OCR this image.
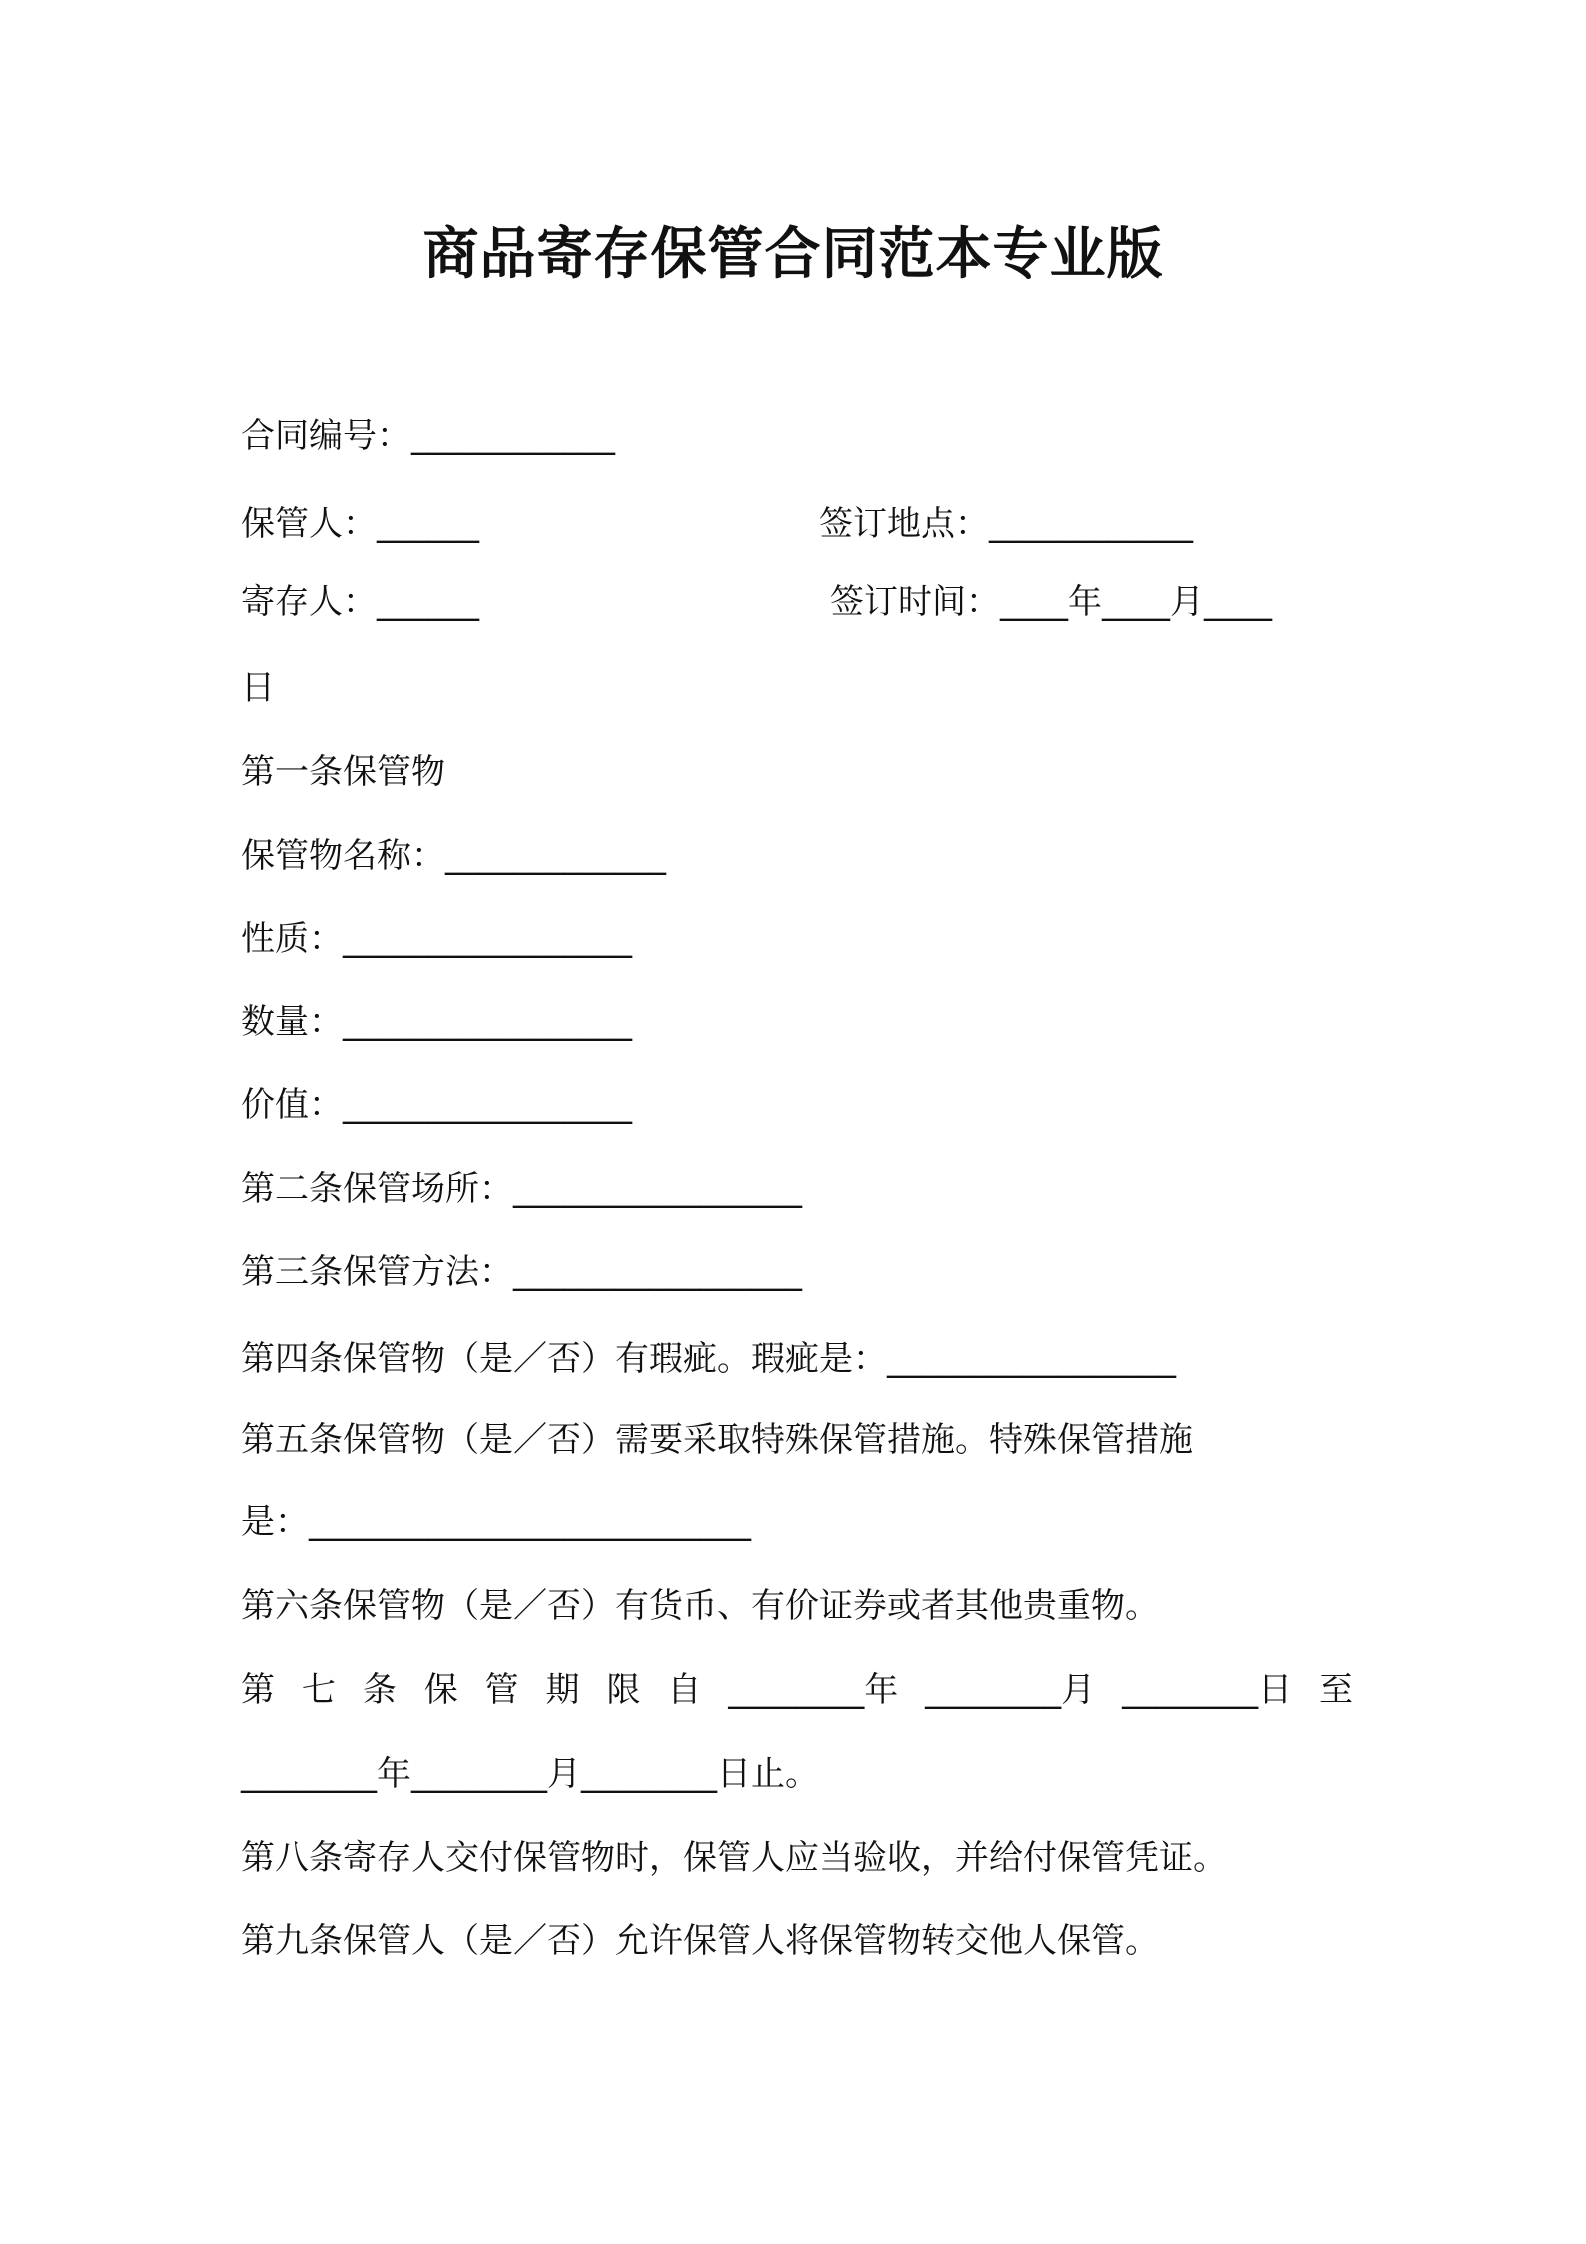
商品寄存保管合同范本专业版
合同编号：____________
保管人：______	签订地点：____________
寄存人：______	签订时间：____年____月____
日
第一条保管物
保管物名称：_____________
性质：_________________
数量：_________________
价值：_________________
第二条保管场所：_________________
第三条保管方法：_________________
第四条保管物（是／否）有瑕疵。瑕疵是：_________________
第五条保管物（是／否）需要采取特殊保管措施。特殊保管措施
是：__________________________
第六条保管物（是／否）有货币、有价证券或者其他贵重物。
第 七 条 保 管 期 限 自 ________年 ________月 ________日 至
________年________月________日止。
第八条寄存人交付保管物时，保管人应当验收，并给付保管凭证。
第九条保管人（是／否）允许保管人将保管物转交他人保管。
